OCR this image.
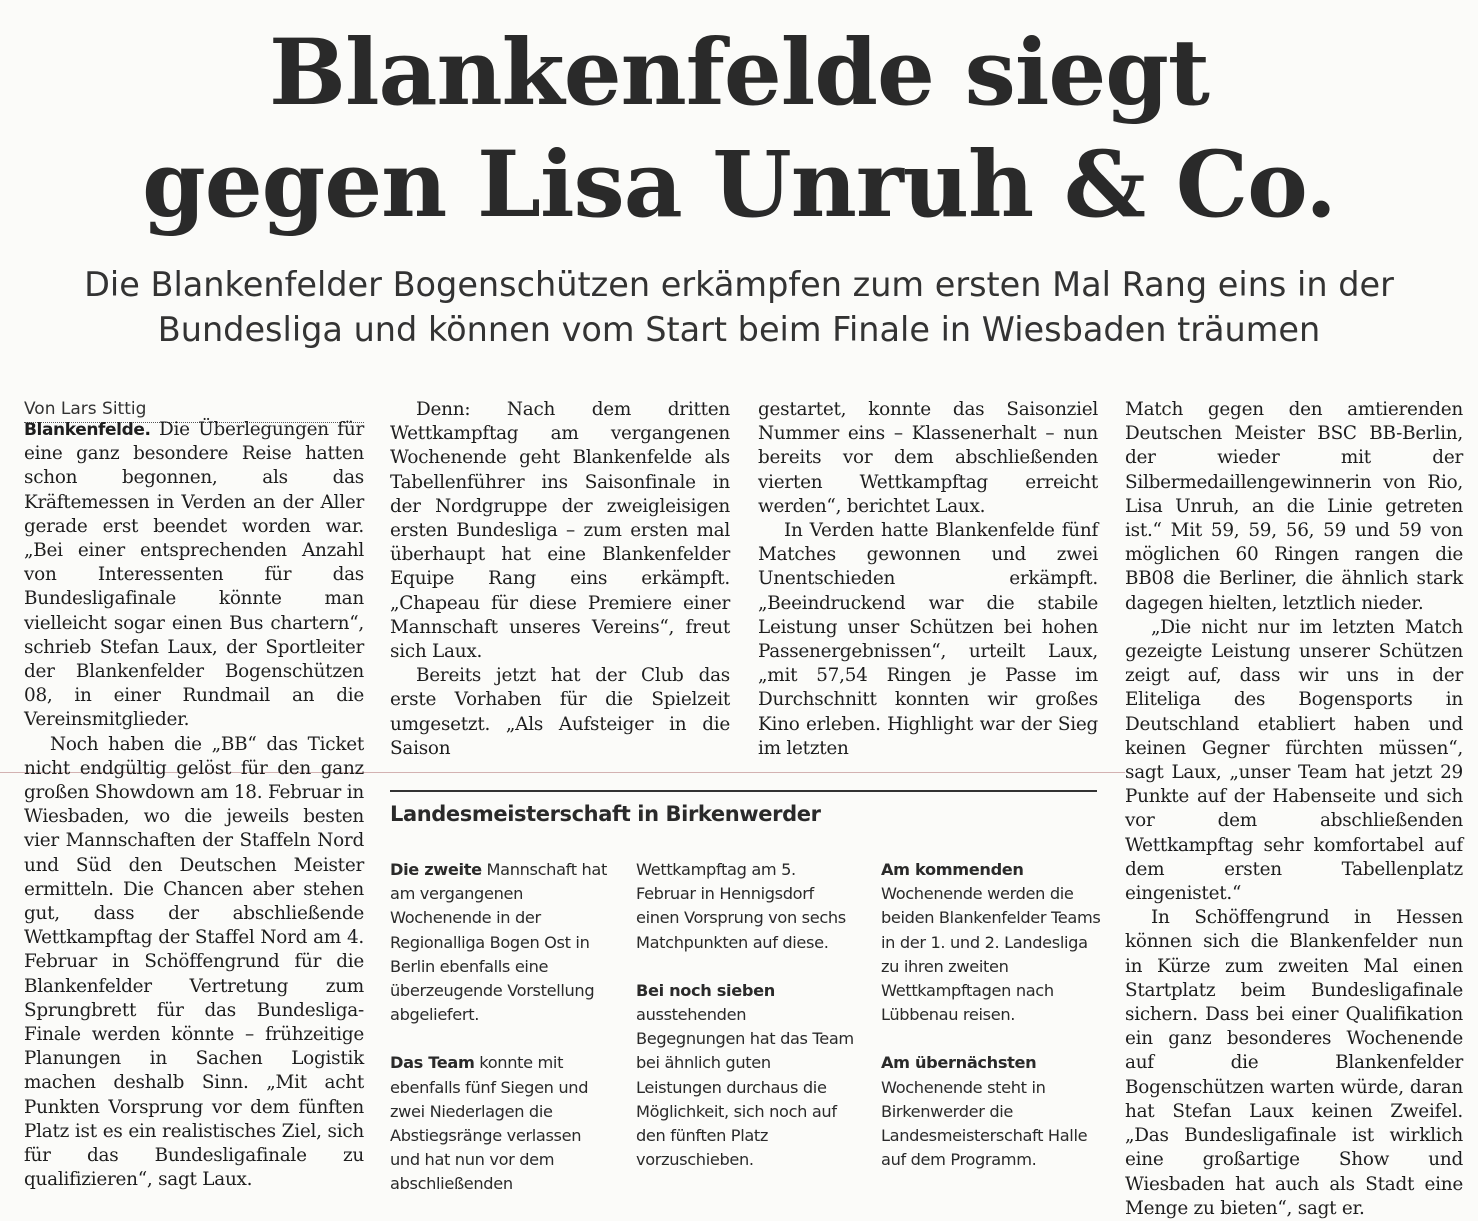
Blankenfelde siegt
gegen Lisa Unruh & Co.
Die Blankenfelder Bogenschützen erkämpfen zum ersten Mal Rang eins in der
Bundesliga und können vom Start beim Finale in Wiesbaden träumen
Von Lars Sittig

Blankenfelde. Die Überlegungen für eine ganz besondere Reise hatten schon begonnen, als das Kräftemessen in Verden an der Aller gerade erst beendet worden war. „Bei einer entsprechenden Anzahl von Interessenten für das Bundesligafinale könnte man vielleicht sogar einen Bus chartern“, schrieb Stefan Laux, der Sportleiter der Blankenfelder Bogenschützen 08, in einer Rundmail an die Vereinsmitglieder.

Noch haben die „BB“ das Ticket nicht endgültig gelöst für den ganz großen Showdown am 18. Februar in Wiesbaden, wo die jeweils besten vier Mannschaften der Staffeln Nord und Süd den Deutschen Meister ermitteln. Die Chancen aber stehen gut, dass der abschließende Wettkampftag der Staffel Nord am 4. Februar in Schöffengrund für die Blankenfelder Vertretung zum Sprungbrett für das Bundesliga-Finale werden könnte – frühzeitige Planungen in Sachen Logistik machen deshalb Sinn. „Mit acht Punkten Vorsprung vor dem fünften Platz ist es ein realistisches Ziel, sich für das Bundesligafinale zu qualifizieren“, sagt Laux.

Denn: Nach dem dritten Wettkampftag am vergangenen Wochenende geht Blankenfelde als Tabellenführer ins Saisonfinale in der Nordgruppe der zweigleisigen ersten Bundesliga – zum ersten mal überhaupt hat eine Blankenfelder Equipe Rang eins erkämpft. „Chapeau für diese Premiere einer Mannschaft unseres Vereins“, freut sich Laux.

Bereits jetzt hat der Club das erste Vorhaben für die Spielzeit umgesetzt. „Als Aufsteiger in die Saison

gestartet, konnte das Saisonziel Nummer eins – Klassenerhalt – nun bereits vor dem abschließenden vierten Wettkampftag erreicht werden“, berichtet Laux.

In Verden hatte Blankenfelde fünf Matches gewonnen und zwei Unentschieden erkämpft. „Beeindruckend war die stabile Leistung unser Schützen bei hohen Passenergebnissen“, urteilt Laux, „mit 57,54 Ringen je Passe im Durchschnitt konnten wir großes Kino erleben. Highlight war der Sieg im letzten

Match gegen den amtierenden Deutschen Meister BSC BB-Berlin, der wieder mit der Silbermedaillengewinnerin von Rio, Lisa Unruh, an die Linie getreten ist.“ Mit 59, 59, 56, 59 und 59 von möglichen 60 Ringen rangen die BB08 die Berliner, die ähnlich stark dagegen hielten, letztlich nieder.

„Die nicht nur im letzten Match gezeigte Leistung unserer Schützen zeigt auf, dass wir uns in der Eliteliga des Bogensports in Deutschland etabliert haben und keinen Gegner fürchten müssen“, sagt Laux, „unser Team hat jetzt 29 Punkte auf der Habenseite und sich vor dem abschließenden Wettkampftag sehr komfortabel auf dem ersten Tabellenplatz eingenistet.“

In Schöffengrund in Hessen können sich die Blankenfelder nun in Kürze zum zweiten Mal einen Startplatz beim Bundesligafinale sichern. Dass bei einer Qualifikation ein ganz besonderes Wochenende auf die Blankenfelder Bogenschützen warten würde, daran hat Stefan Laux keinen Zweifel. „Das Bundesligafinale ist wirklich eine großartige Show und Wiesbaden hat auch als Stadt eine Menge zu bieten“, sagt er.

Landesmeisterschaft in Birkenwerder

Die zweite Mannschaft hat am vergangenen Wochenende in der Regionalliga Bogen Ost in Berlin ebenfalls eine überzeugende Vorstellung abgeliefert.

Das Team konnte mit ebenfalls fünf Siegen und zwei Niederlagen die Abstiegsränge verlassen und hat nun vor dem abschließenden

Wettkampftag am 5. Februar in Hennigsdorf einen Vorsprung von sechs Matchpunkten auf diese.

Bei noch sieben ausstehenden Begegnungen hat das Team bei ähnlich guten Leistungen durchaus die Möglichkeit, sich noch auf den fünften Platz vorzuschieben.

Am kommenden Wochenende werden die beiden Blankenfelder Teams in der 1. und 2. Landesliga zu ihren zweiten Wettkampftagen nach Lübbenau reisen.

Am übernächsten Wochenende steht in Birkenwerder die Landesmeisterschaft Halle auf dem Programm.
